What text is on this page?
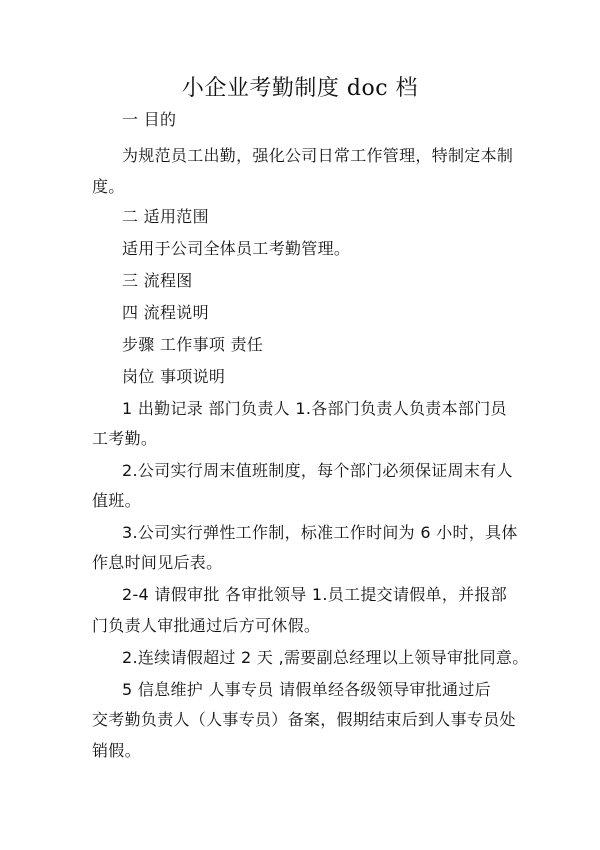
小企业考勤制度 doc 档
一 目的
为规范员工出勤，强化公司日常工作管理，特制定本制
度。
二 适用范围
适用于公司全体员工考勤管理。
三 流程图
四 流程说明
步骤 工作事项 责任
岗位 事项说明
1 出勤记录 部门负责人 1.各部门负责人负责本部门员
工考勤。
2.公司实行周末值班制度，每个部门必须保证周末有人
值班。
3.公司实行弹性工作制，标准工作时间为 6 小时，具体
作息时间见后表。
2-4 请假审批 各审批领导 1.员工提交请假单，并报部
门负责人审批通过后方可休假。
2.连续请假超过 2 天 ,需要副总经理以上领导审批同意。
5 信息维护 人事专员 请假单经各级领导审批通过后
交考勤负责人（人事专员）备案，假期结束后到人事专员处
销假。
